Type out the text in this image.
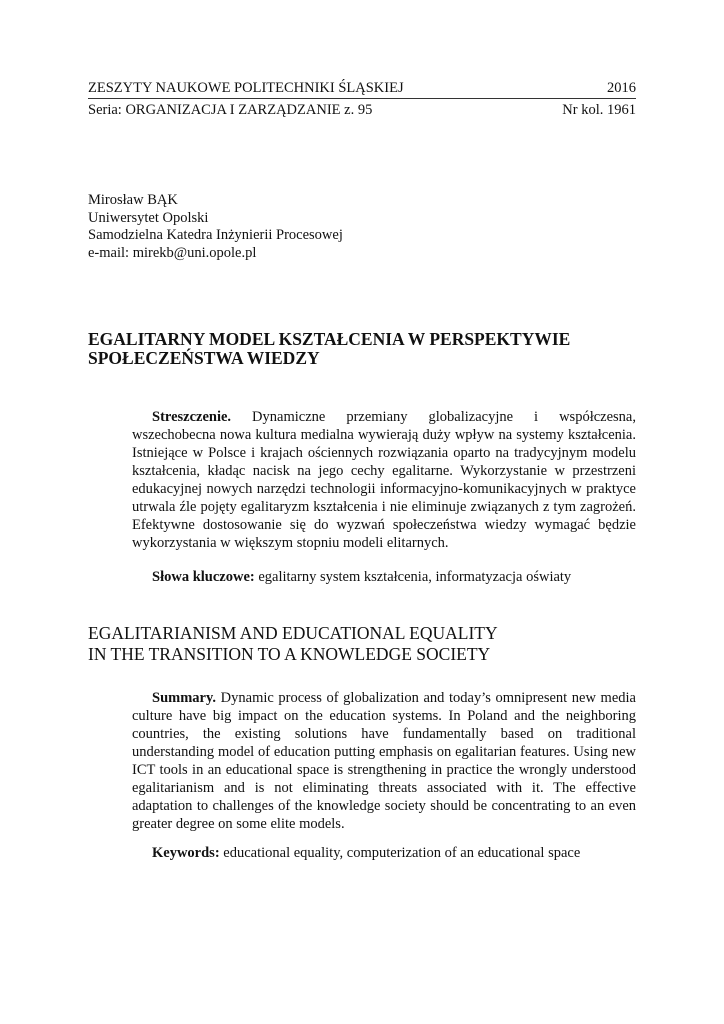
ZESZYTY NAUKOWE POLITECHNIKI ŚLĄSKIEJ	2016
Seria: ORGANIZACJA I ZARZĄDZANIE z. 95	Nr kol. 1961
Mirosław BĄK
Uniwersytet Opolski
Samodzielna Katedra Inżynierii Procesowej
e-mail: mirekb@uni.opole.pl
EGALITARNY MODEL KSZTAŁCENIA W PERSPEKTYWIE
SPOŁECZEŃSTWA WIEDZY

Streszczenie. Dynamiczne przemiany globalizacyjne i współczesna, wszechobecna nowa kultura medialna wywierają duży wpływ na systemy kształcenia. Istniejące w Polsce i krajach ościennych rozwiązania oparto na tradycyjnym modelu kształcenia, kładąc nacisk na jego cechy egalitarne. Wykorzystanie w przestrzeni edukacyjnej nowych narzędzi technologii informacyjno-komunikacyjnych w praktyce utrwala źle pojęty egalitaryzm kształcenia i nie eliminuje związanych z tym zagrożeń. Efektywne dostosowanie się do wyzwań społeczeństwa wiedzy wymagać będzie wykorzystania w większym stopniu modeli elitarnych.

Słowa kluczowe: egalitarny system kształcenia, informatyzacja oświaty
EGALITARIANISM AND EDUCATIONAL EQUALITY
IN THE TRANSITION TO A KNOWLEDGE SOCIETY

Summary. Dynamic process of globalization and today’s omnipresent new media culture have big impact on the education systems. In Poland and the neighboring countries, the existing solutions have fundamentally based on traditional understanding model of education putting emphasis on egalitarian features. Using new ICT tools in an educational space is strengthening in practice the wrongly understood egalitarianism and is not eliminating threats associated with it. The effective adaptation to challenges of the knowledge society should be concentrating to an even greater degree on some elite models.

Keywords: educational equality, computerization of an educational space
